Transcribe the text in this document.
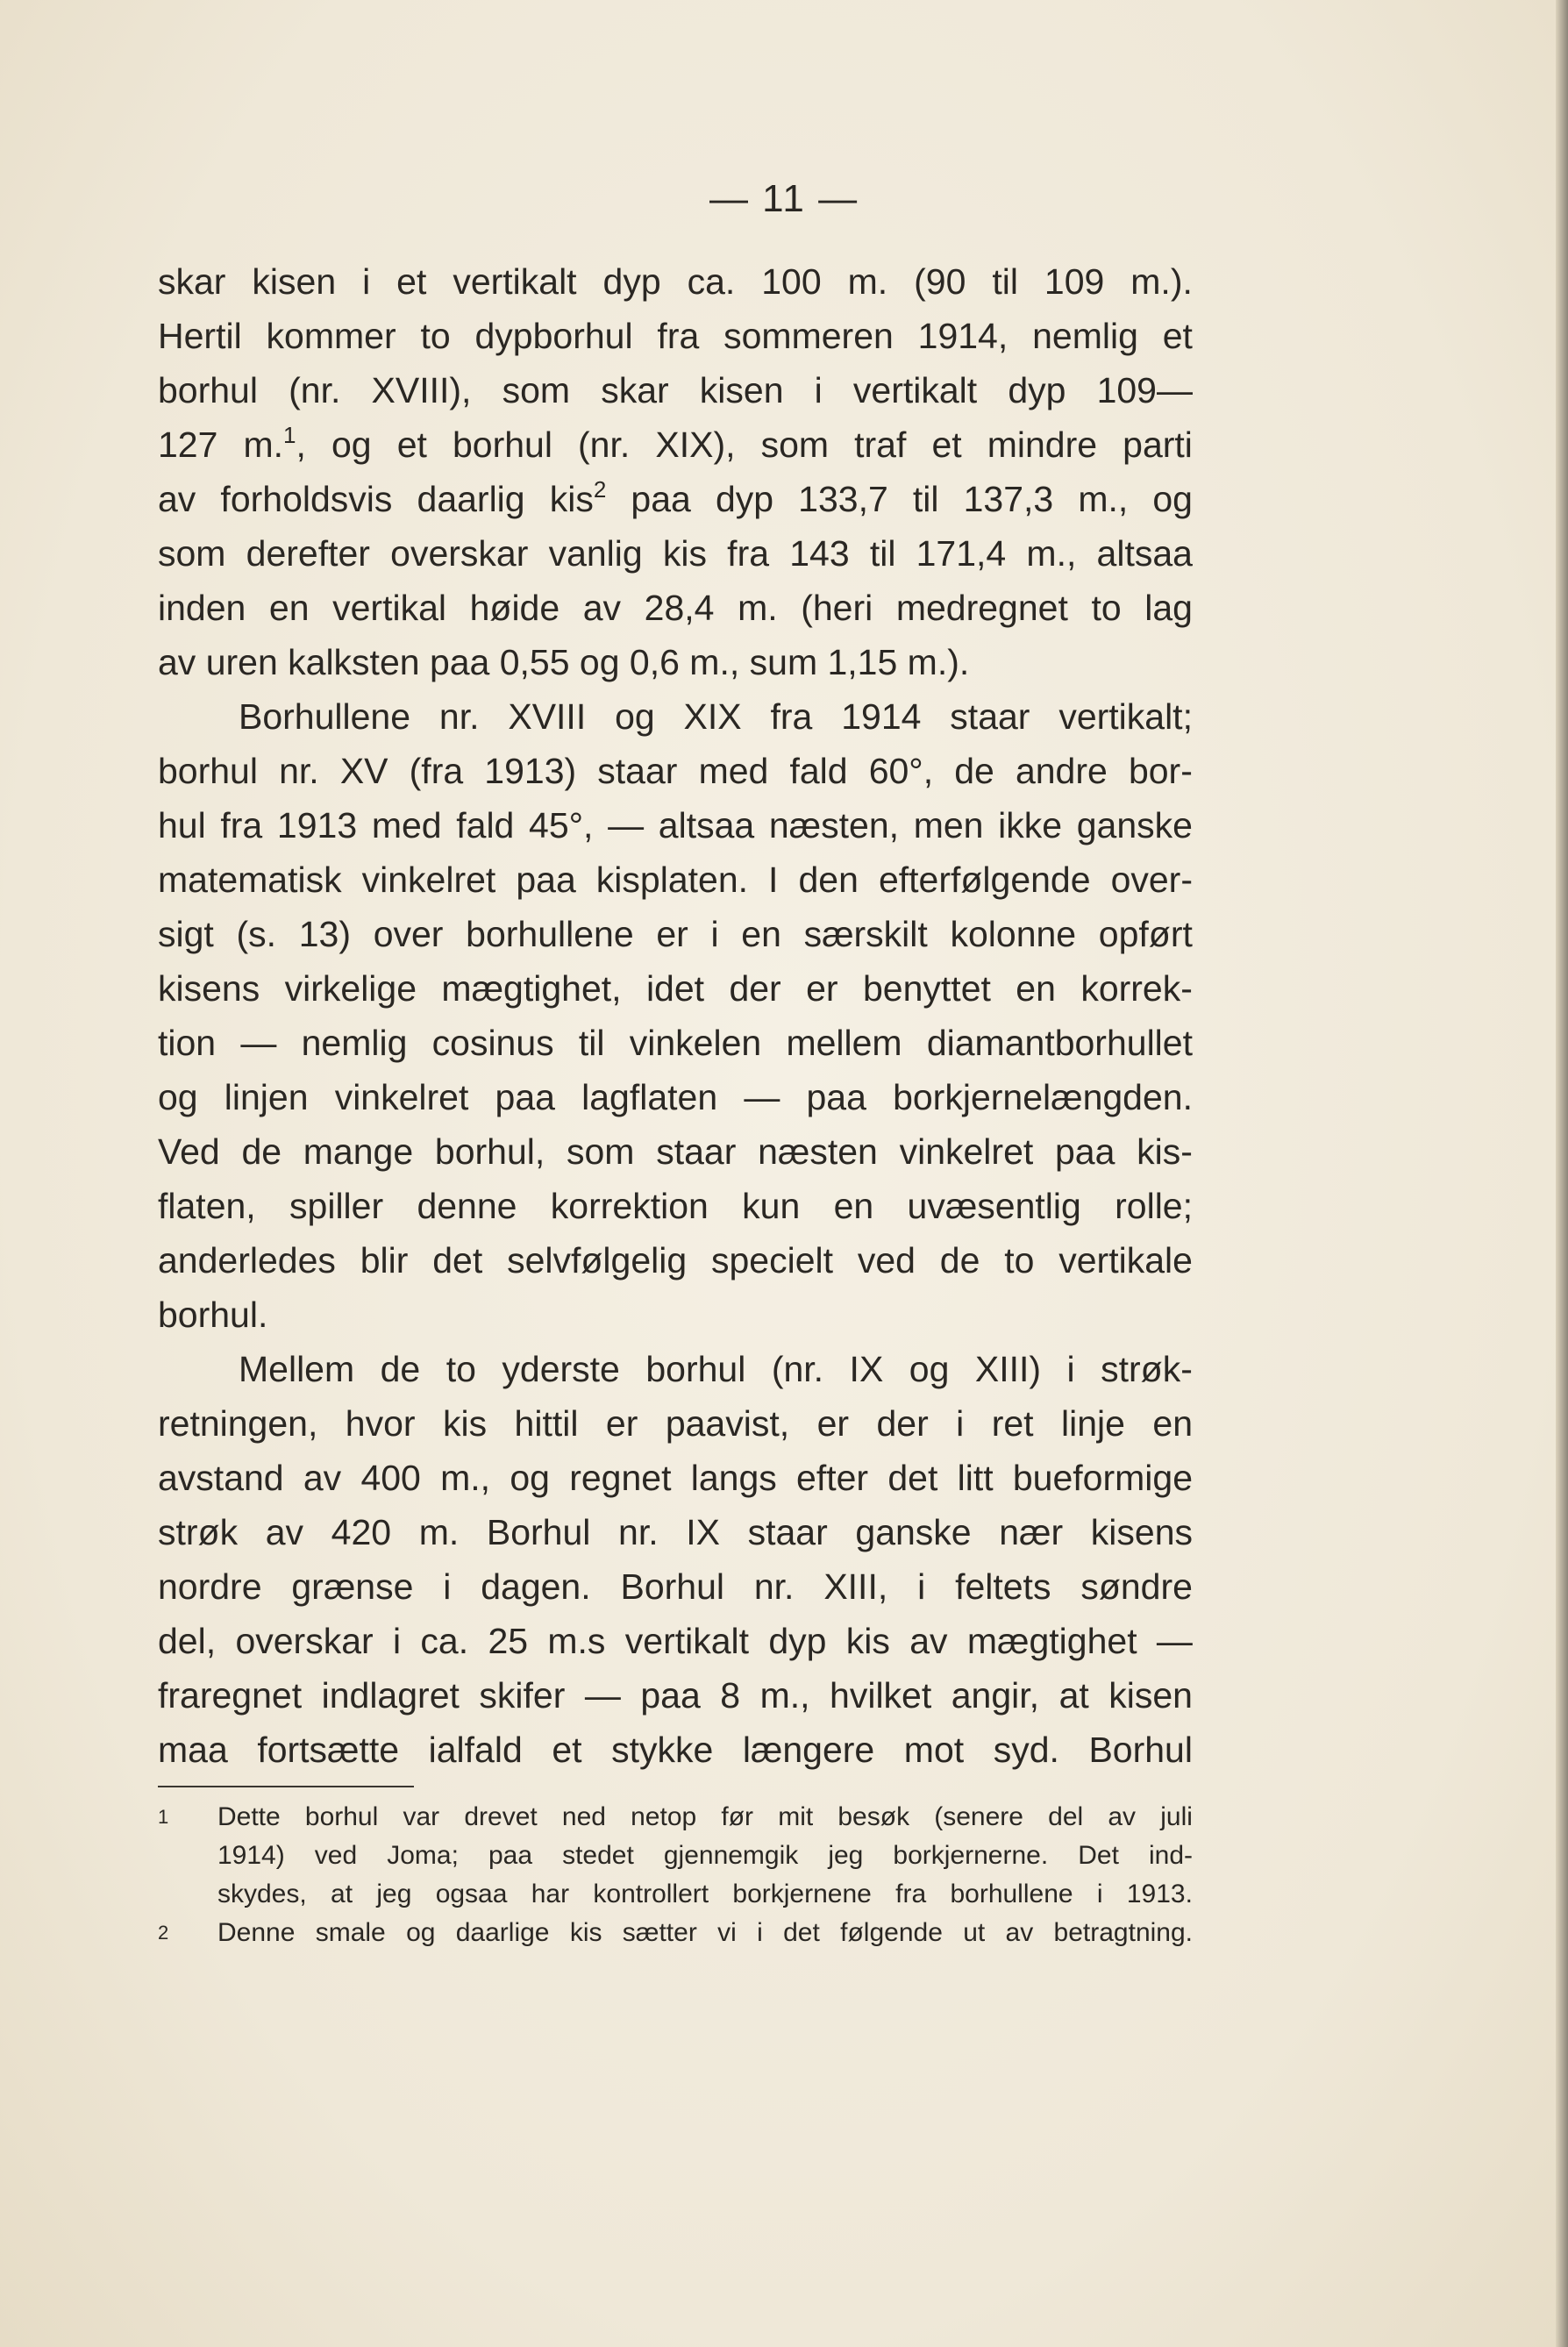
— 11 —
skar kisen i et vertikalt dyp ca. 100 m. (90 til 109 m.).
Hertil kommer to dypborhul fra sommeren 1914, nemlig et
borhul (nr. XVIII), som skar kisen i vertikalt dyp 109—
127 m.$^1$, og et borhul (nr. XIX), som traf et mindre parti
av forholdsvis daarlig kis$^2$ paa dyp 133,7 til 137,3 m., og
som derefter overskar vanlig kis fra 143 til 171,4 m., altsaa
inden en vertikal høide av 28,4 m. (heri medregnet to lag
av uren kalksten paa 0,55 og 0,6 m., sum 1,15 m.).
Borhullene nr. XVIII og XIX fra 1914 staar vertikalt;
borhul nr. XV (fra 1913) staar med fald 60°, de andre bor-
hul fra 1913 med fald 45°, — altsaa næsten, men ikke ganske
matematisk vinkelret paa kisplaten. I den efterfølgende over-
sigt (s. 13) over borhullene er i en særskilt kolonne opført
kisens virkelige mægtighet, idet der er benyttet en korrek-
tion — nemlig cosinus til vinkelen mellem diamantborhullet
og linjen vinkelret paa lagflaten — paa borkjernelængden.
Ved de mange borhul, som staar næsten vinkelret paa kis-
flaten, spiller denne korrektion kun en uvæsentlig rolle;
anderledes blir det selvfølgelig specielt ved de to vertikale
borhul.
Mellem de to yderste borhul (nr. IX og XIII) i strøk-
retningen, hvor kis hittil er paavist, er der i ret linje en
avstand av 400 m., og regnet langs efter det litt bueformige
strøk av 420 m. Borhul nr. IX staar ganske nær kisens
nordre grænse i dagen. Borhul nr. XIII, i feltets søndre
del, overskar i ca. 25 m.s vertikalt dyp kis av mægtighet —
fraregnet indlagret skifer — paa 8 m., hvilket angir, at kisen
maa fortsætte ialfald et stykke længere mot syd. Borhul
1	Dette borhul var drevet ned netop før mit besøk (senere del av juli
1914) ved Joma; paa stedet gjennemgik jeg borkjernerne. Det ind-
skydes, at jeg ogsaa har kontrollert borkjernene fra borhullene i 1913.
2	Denne smale og daarlige kis sætter vi i det følgende ut av betragtning.
